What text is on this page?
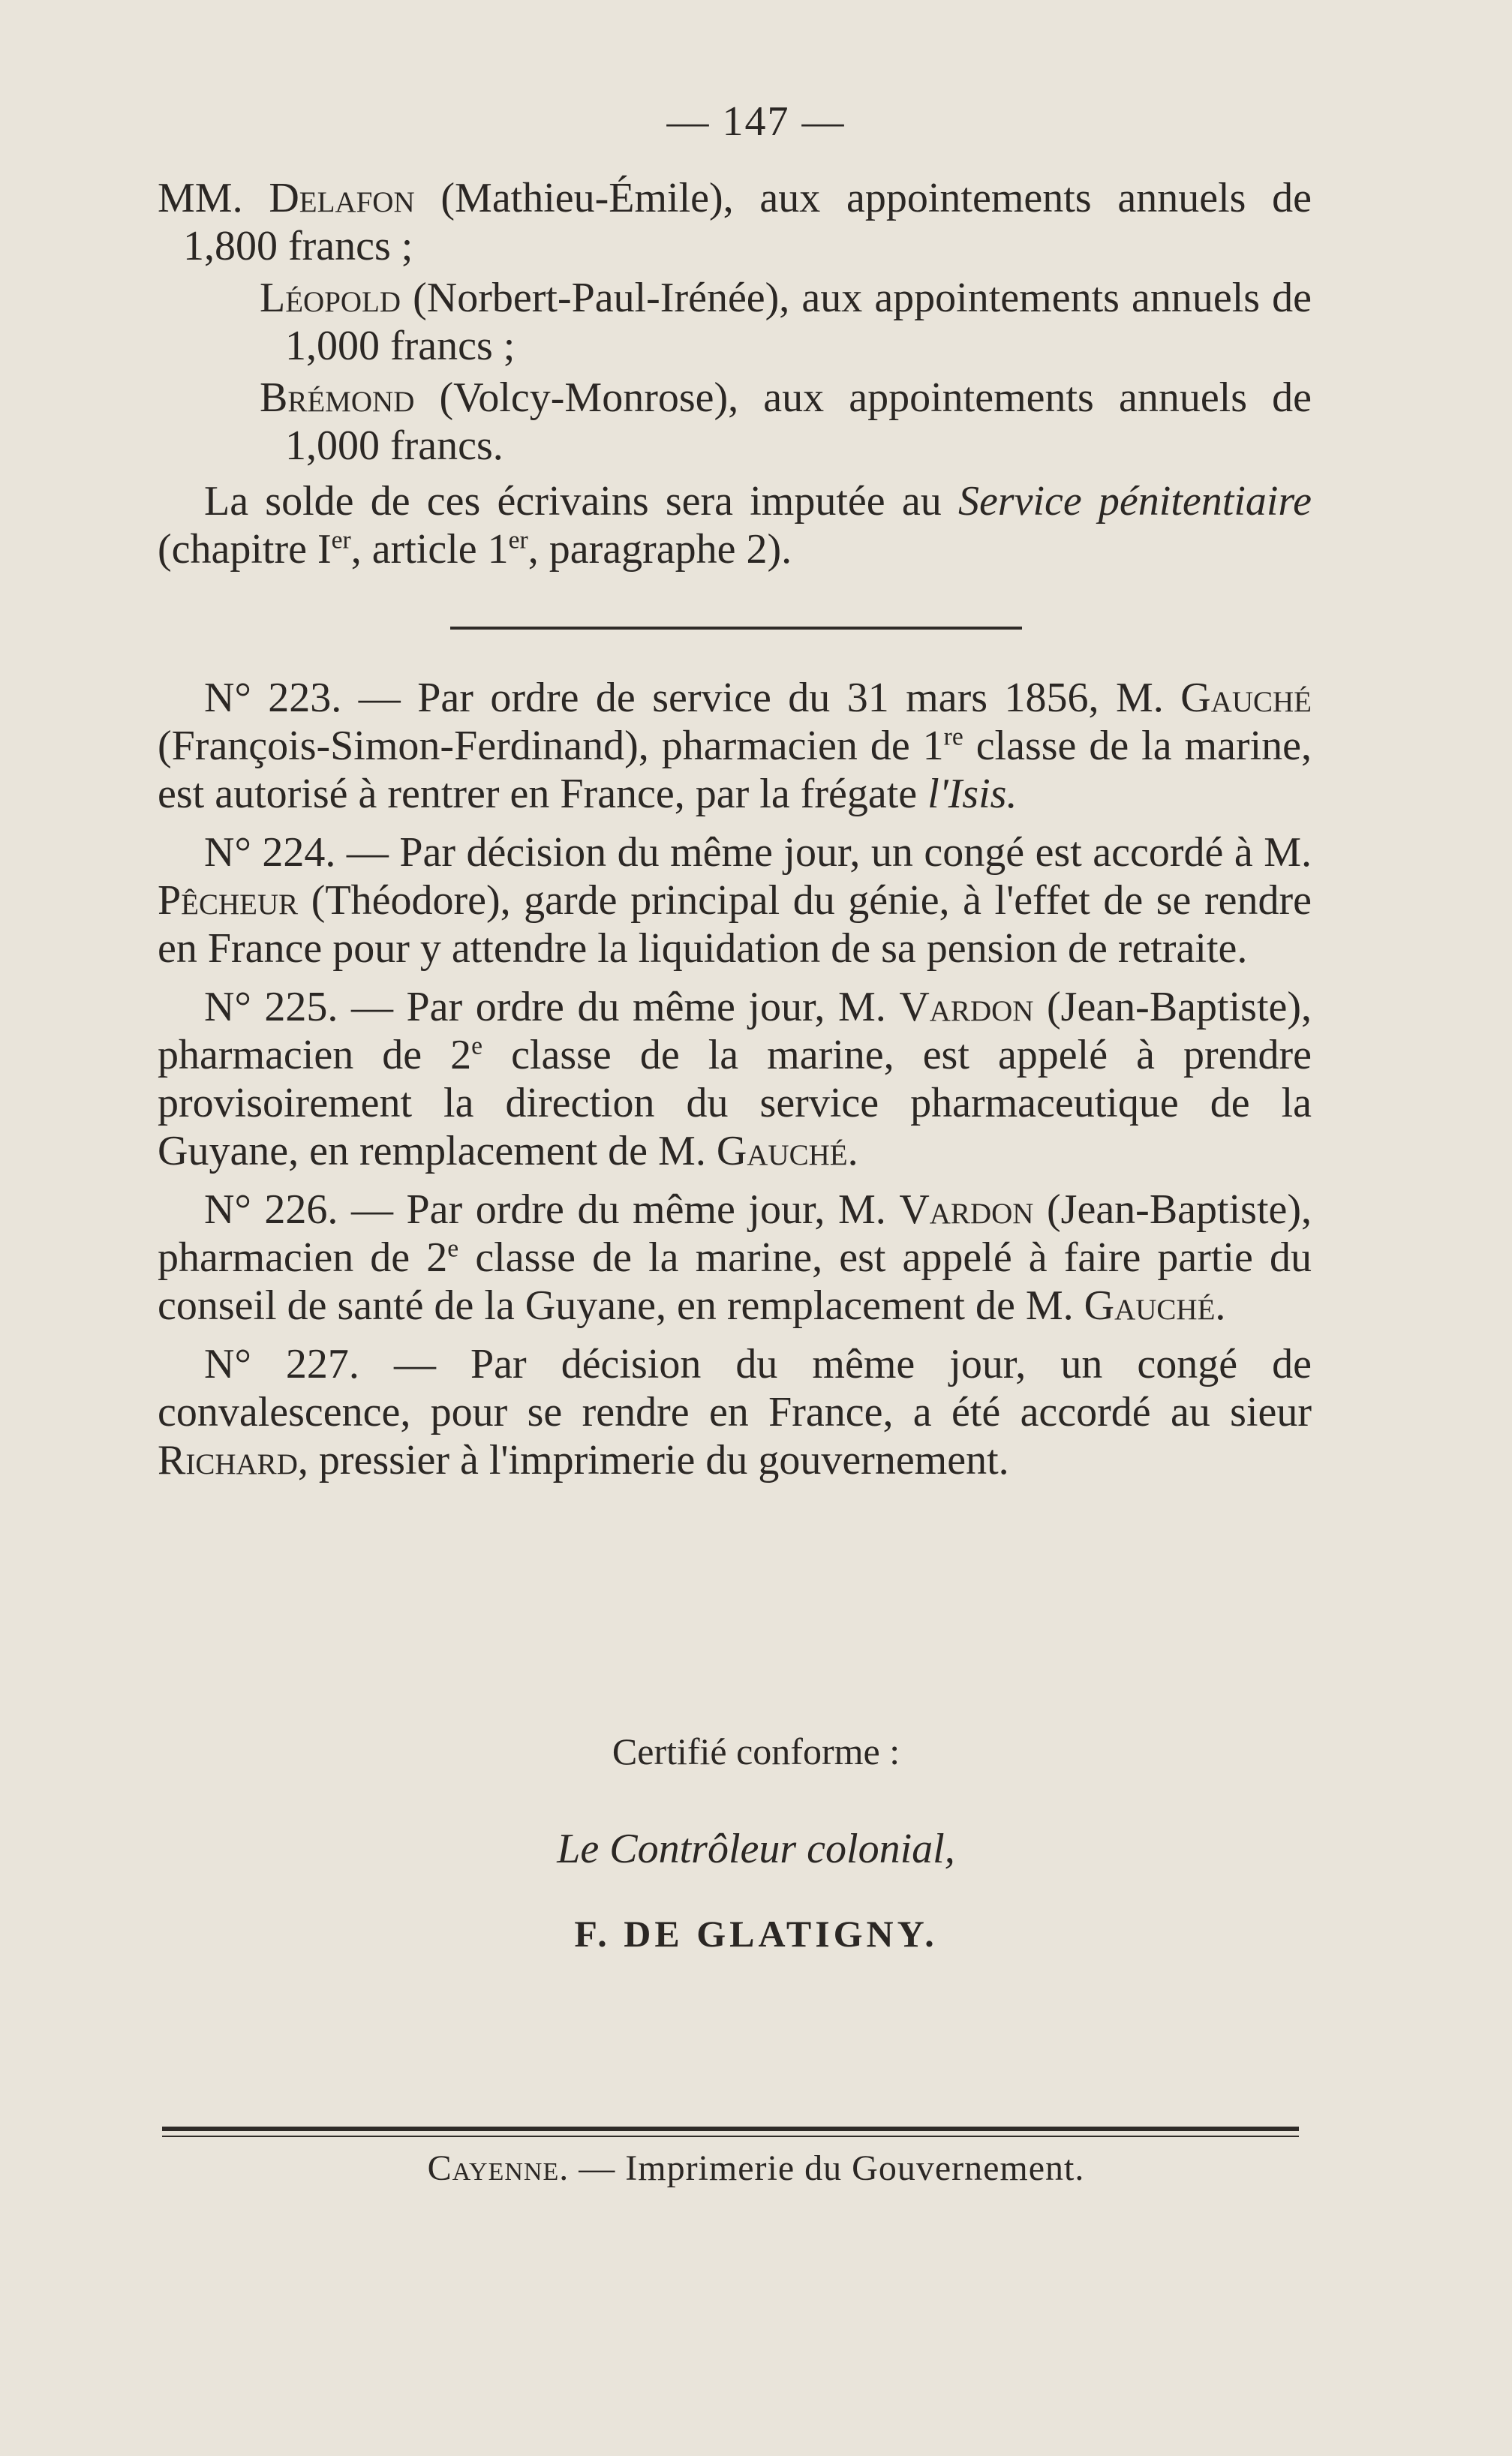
— 147 —

MM. Delafon (Mathieu-Émile), aux appointements annuels de 1,800 francs ;

Léopold (Norbert-Paul-Irénée), aux appointements annuels de 1,000 francs ;

Brémond (Volcy-Monrose), aux appointements annuels de 1,000 francs.

La solde de ces écrivains sera imputée au Service pénitentiaire (chapitre Ier, article 1er, paragraphe 2).

N° 223. — Par ordre de service du 31 mars 1856, M. Gauché (François-Simon-Ferdinand), pharmacien de 1re classe de la marine, est autorisé à rentrer en France, par la frégate l'Isis.

N° 224. — Par décision du même jour, un congé est accordé à M. Pêcheur (Théodore), garde principal du génie, à l'effet de se rendre en France pour y attendre la liquidation de sa pension de retraite.

N° 225. — Par ordre du même jour, M. Vardon (Jean-Baptiste), pharmacien de 2e classe de la marine, est appelé à prendre provisoirement la direction du service pharmaceutique de la Guyane, en remplacement de M. Gauché.

N° 226. — Par ordre du même jour, M. Vardon (Jean-Baptiste), pharmacien de 2e classe de la marine, est appelé à faire partie du conseil de santé de la Guyane, en remplacement de M. Gauché.

N° 227. — Par décision du même jour, un congé de convalescence, pour se rendre en France, a été accordé au sieur Richard, pressier à l'imprimerie du gouvernement.

Certifié conforme :
Le Contrôleur colonial,
F. DE GLATIGNY.
Cayenne. — Imprimerie du Gouvernement.
